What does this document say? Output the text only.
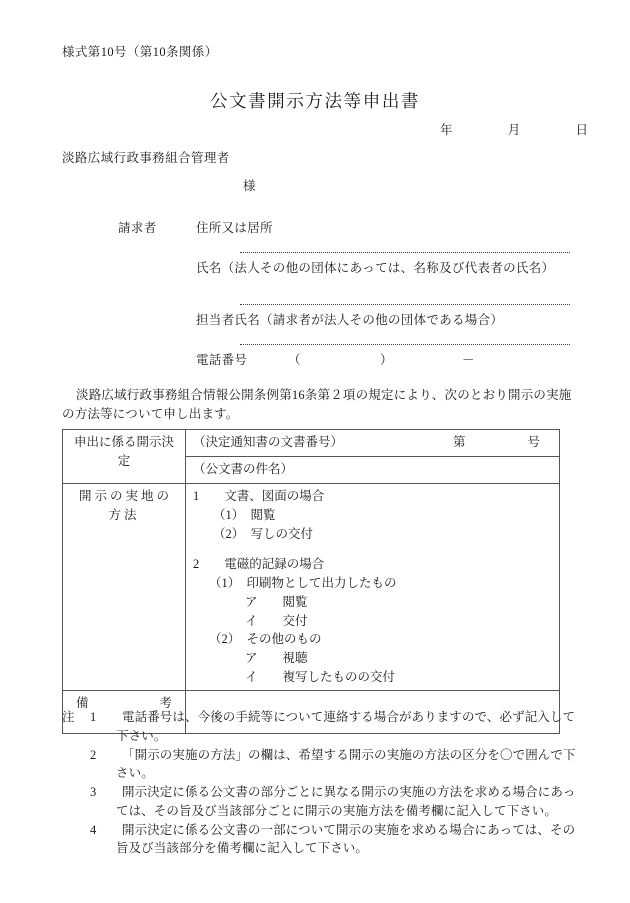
様式第10号（第10条関係）
公文書開示方法等申出書
年	月	日
淡路広域行政事務組合管理者
様
請求者	住所又は居所
氏名（法人その他の団体にあっては、名称及び代表者の氏名）
担当者氏名（請求者が法人その他の団体である場合）
電話番号	（	）	－
淡路広域行政事務組合情報公開条例第16条第２項の規定により、次のとおり開示の実施の方法等について申し出ます。
申出に係る開示決定	（決定通知書の文書番号） 第 号

	（公文書の件名）
開示の実地の方法	
1　　文書、図面の場合
（1）　閲覧
（2）　写しの交付
2　　電磁的記録の場合
（1）　印刷物として出力したもの
ア　　閲覧
イ　　交付
（2）　その他のもの
ア　　視聴
イ　　複写したものの交付

備 考	

注	1	電話番号は、今後の手続等について連絡する場合がありますので、必ず記入して下さい。
2	「開示の実施の方法」の欄は、希望する開示の実施の方法の区分を〇で囲んで下さい。
3	開示決定に係る公文書の部分ごとに異なる開示の実施の方法を求める場合にあっては、その旨及び当該部分ごとに開示の実施方法を備考欄に記入して下さい。
4	開示決定に係る公文書の一部について開示の実施を求める場合にあっては、その旨及び当該部分を備考欄に記入して下さい。
